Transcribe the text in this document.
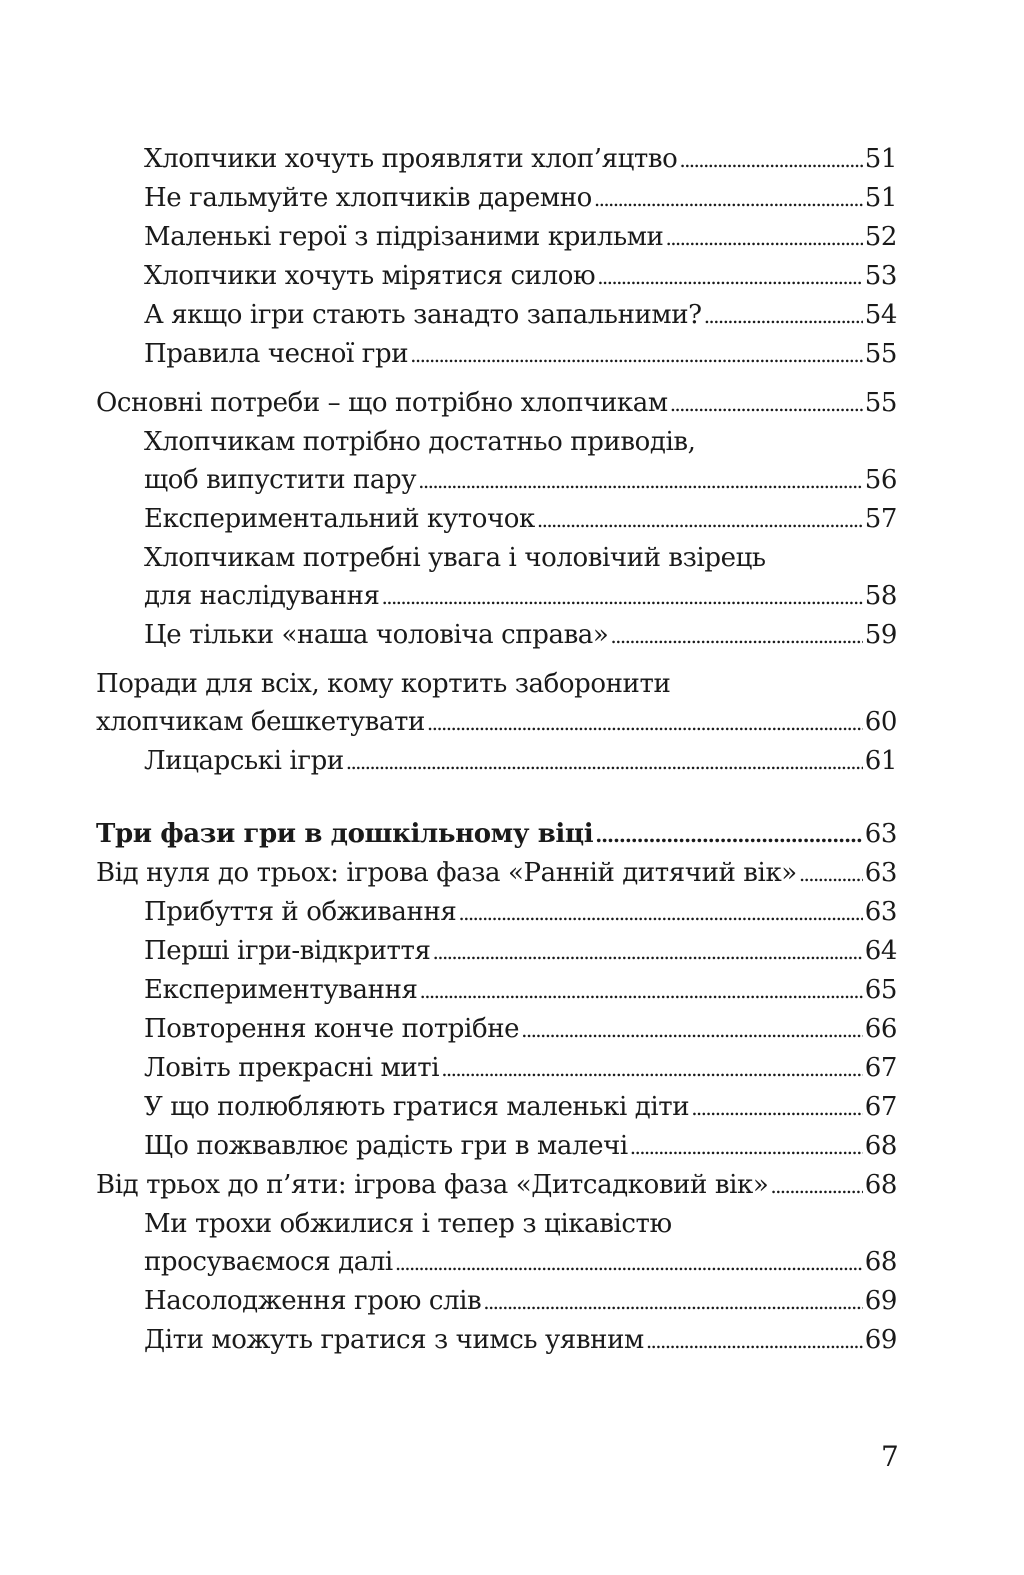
Хлопчики хочуть проявляти хлоп’яцтво . . .	51
Не гальмуйте хлопчиків даремно . . .	51
Маленькі герої з підрізаними крильми . . .	52
Хлопчики хочуть мірятися силою . . .	53
А якщо ігри стають занадто запальними? . . .	54
Правила чесної гри . . .	55
Основні потреби – що потрібно хлопчикам . . .	55
Хлопчикам потрібно достатньо приводів,
щоб випустити пару . . .	56
Експериментальний куточок . . .	57
Хлопчикам потребні увага і чоловічий взірець
для наслідування . . .	58
Це тільки «наша чоловіча справа» . . .	59
Поради для всіх, кому кортить заборонити
хлопчикам бешкетувати . . .	60
Лицарські ігри . . .	61
Три фази гри в дошкільному віці . . .	63
Від нуля до трьох: ігрова фаза «Ранній дитячий вік» . . .	63
Прибуття й обживання . . .	63
Перші ігри-відкриття . . .	64
Експериментування . . .	65
Повторення конче потрібне . . .	66
Ловіть прекрасні миті . . .	67
У що полюбляють гратися маленькі діти . . .	67
Що пожвавлює радість гри в малечі . . .	68
Від трьох до п’яти: ігрова фаза «Дитсадковий вік» . . .	68
Ми трохи обжилися і тепер з цікавістю
просуваємося далі . . .	68
Насолодження грою слів . . .	69
Діти можуть гратися з чимсь уявним . . .	69
7
